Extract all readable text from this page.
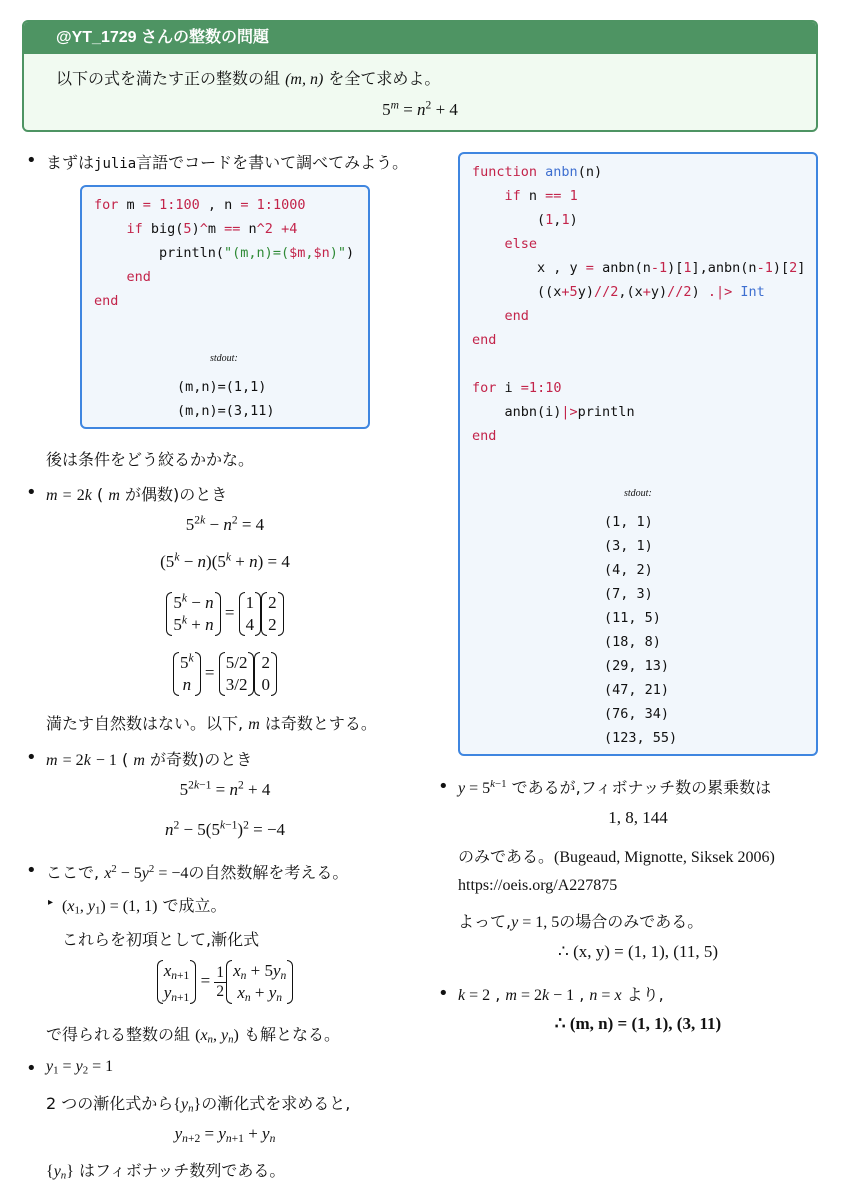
@YT_1729 さんの整数の問題
以下の式を満たす正の整数の組 (m, n) を全て求めよ。
$5^m = n^2 + 4$
• まずはjulia言語でコードを書いて調べてみよう。
for m = 1:100 , n = 1:1000
if big(5)^m == n^2 +4
println("(m,n)=($m,$n)")
end
end
stdout:
(m,n)=(1,1)
(m,n)=(3,11)
後は条件をどう絞るかかな。
• m = 2k ( m が偶数)のとき
$5^{2k} - n^2 = 4$
$(5^k - n)(5^k + n) = 4$
$5^k - n$
$5^k + n$
=
1
4
2
2
5$^k$
n
=
5/2
3/2
2
0
満たす自然数はない。以下, m は奇数とする。
• m = 2k − 1 ( m が奇数)のとき
$5^{2k-1} = n^2 + 4$
$n^2 - 5(5^{k-1})^2 = -4$
• ここで, $x^2 - 5y^2 = -4$の自然数解を考える。
▸ ($x_1$, $y_1) = (1$, 1) で成立。
これらを初項として,漸化式
$x_{n+1}$
$y_{n+1}$
= $\frac{1}{2} x_n + 5y_n$
$x_n + y_n$
で得られる整数の組 ($x_n$, $y_n$) も解となる。
• $y_1 = y_2 = 1$
2 つの漸化式から$\{y_n\}$の漸化式を求めると,
$y_{n+2} = y_{n+1} + y_n$
$\{y_n\}$ はフィボナッチ数列である。
function anbn(n)
if n == 1
(1,1)
else
x , y = anbn(n-1)[1],anbn(n-1)[2]
((x+5y)//2,(x+y)//2) .|> Int
end
end
for i =1:10
anbn(i)|>println
end
stdout:
(1, 1)
(3, 1)
(4, 2)
(7, 3)
(11, 5)
(18, 8)
(29, 13)
(47, 21)
(76, 34)
(123, 55)
• $y = 5^{k-1}$ であるが,フィボナッチ数の累乗数は
1, 8, 144
のみである。(Bugeaud, Mignotte, Siksek 2006)
https://oeis.org/A227875
よって,y = 1, 5の場合のみである。
∴ (x, y) = (1, 1), (11, 5)
• k = 2 , m = 2k − 1 , n = x より,
∴ (m, n) = (1, 1), (3, 11)
